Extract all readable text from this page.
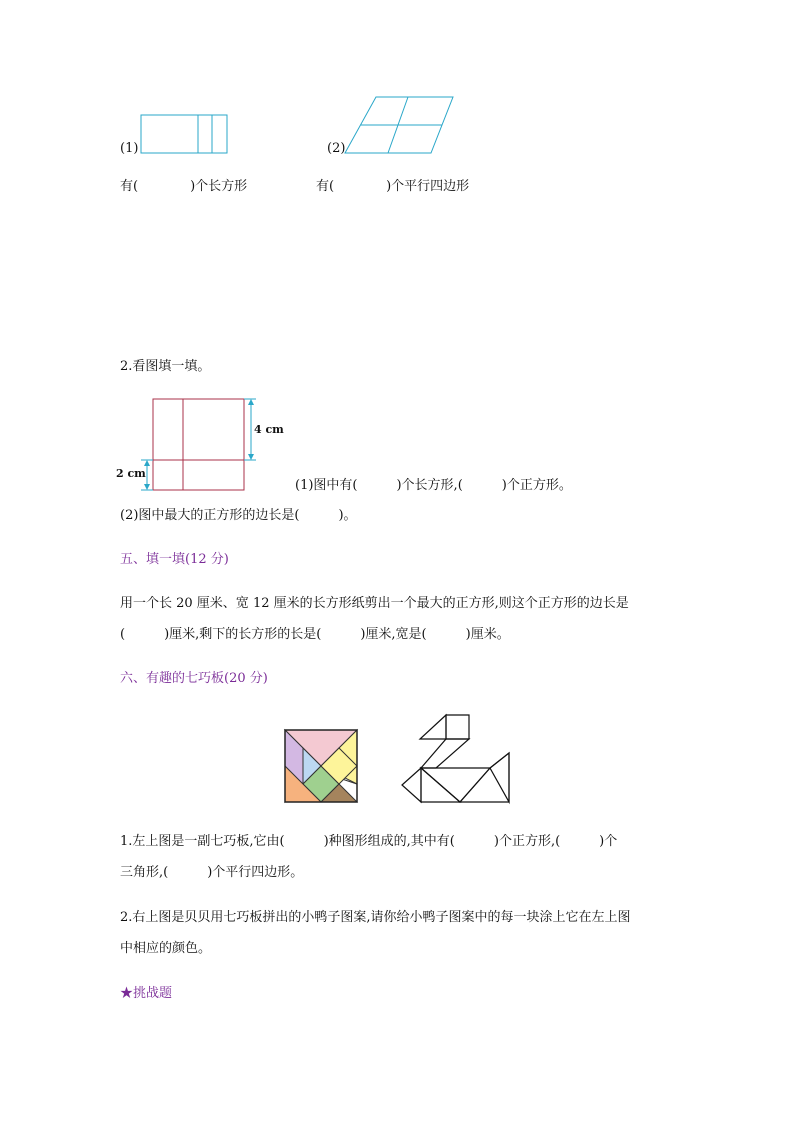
(1)	(2)
有(　　　　)个长方形	有(　　　　)个平行四边形
2.看图填一填。
4 cm
2 cm
(1)图中有(　　　)个长方形,(　　　)个正方形。
(2)图中最大的正方形的边长是(　　　)。
五、填一填(12 分)
用一个长 20 厘米、宽 12 厘米的长方形纸剪出一个最大的正方形,则这个正方形的边长是
(　　　)厘米,剩下的长方形的长是(　　　)厘米,宽是(　　　)厘米。
六、有趣的七巧板(20 分)
1.左上图是一副七巧板,它由(　　　)种图形组成的,其中有(　　　)个正方形,(　　　)个
三角形,(　　　)个平行四边形。
2.右上图是贝贝用七巧板拼出的小鸭子图案,请你给小鸭子图案中的每一块涂上它在左上图
中相应的颜色。
★挑战题
